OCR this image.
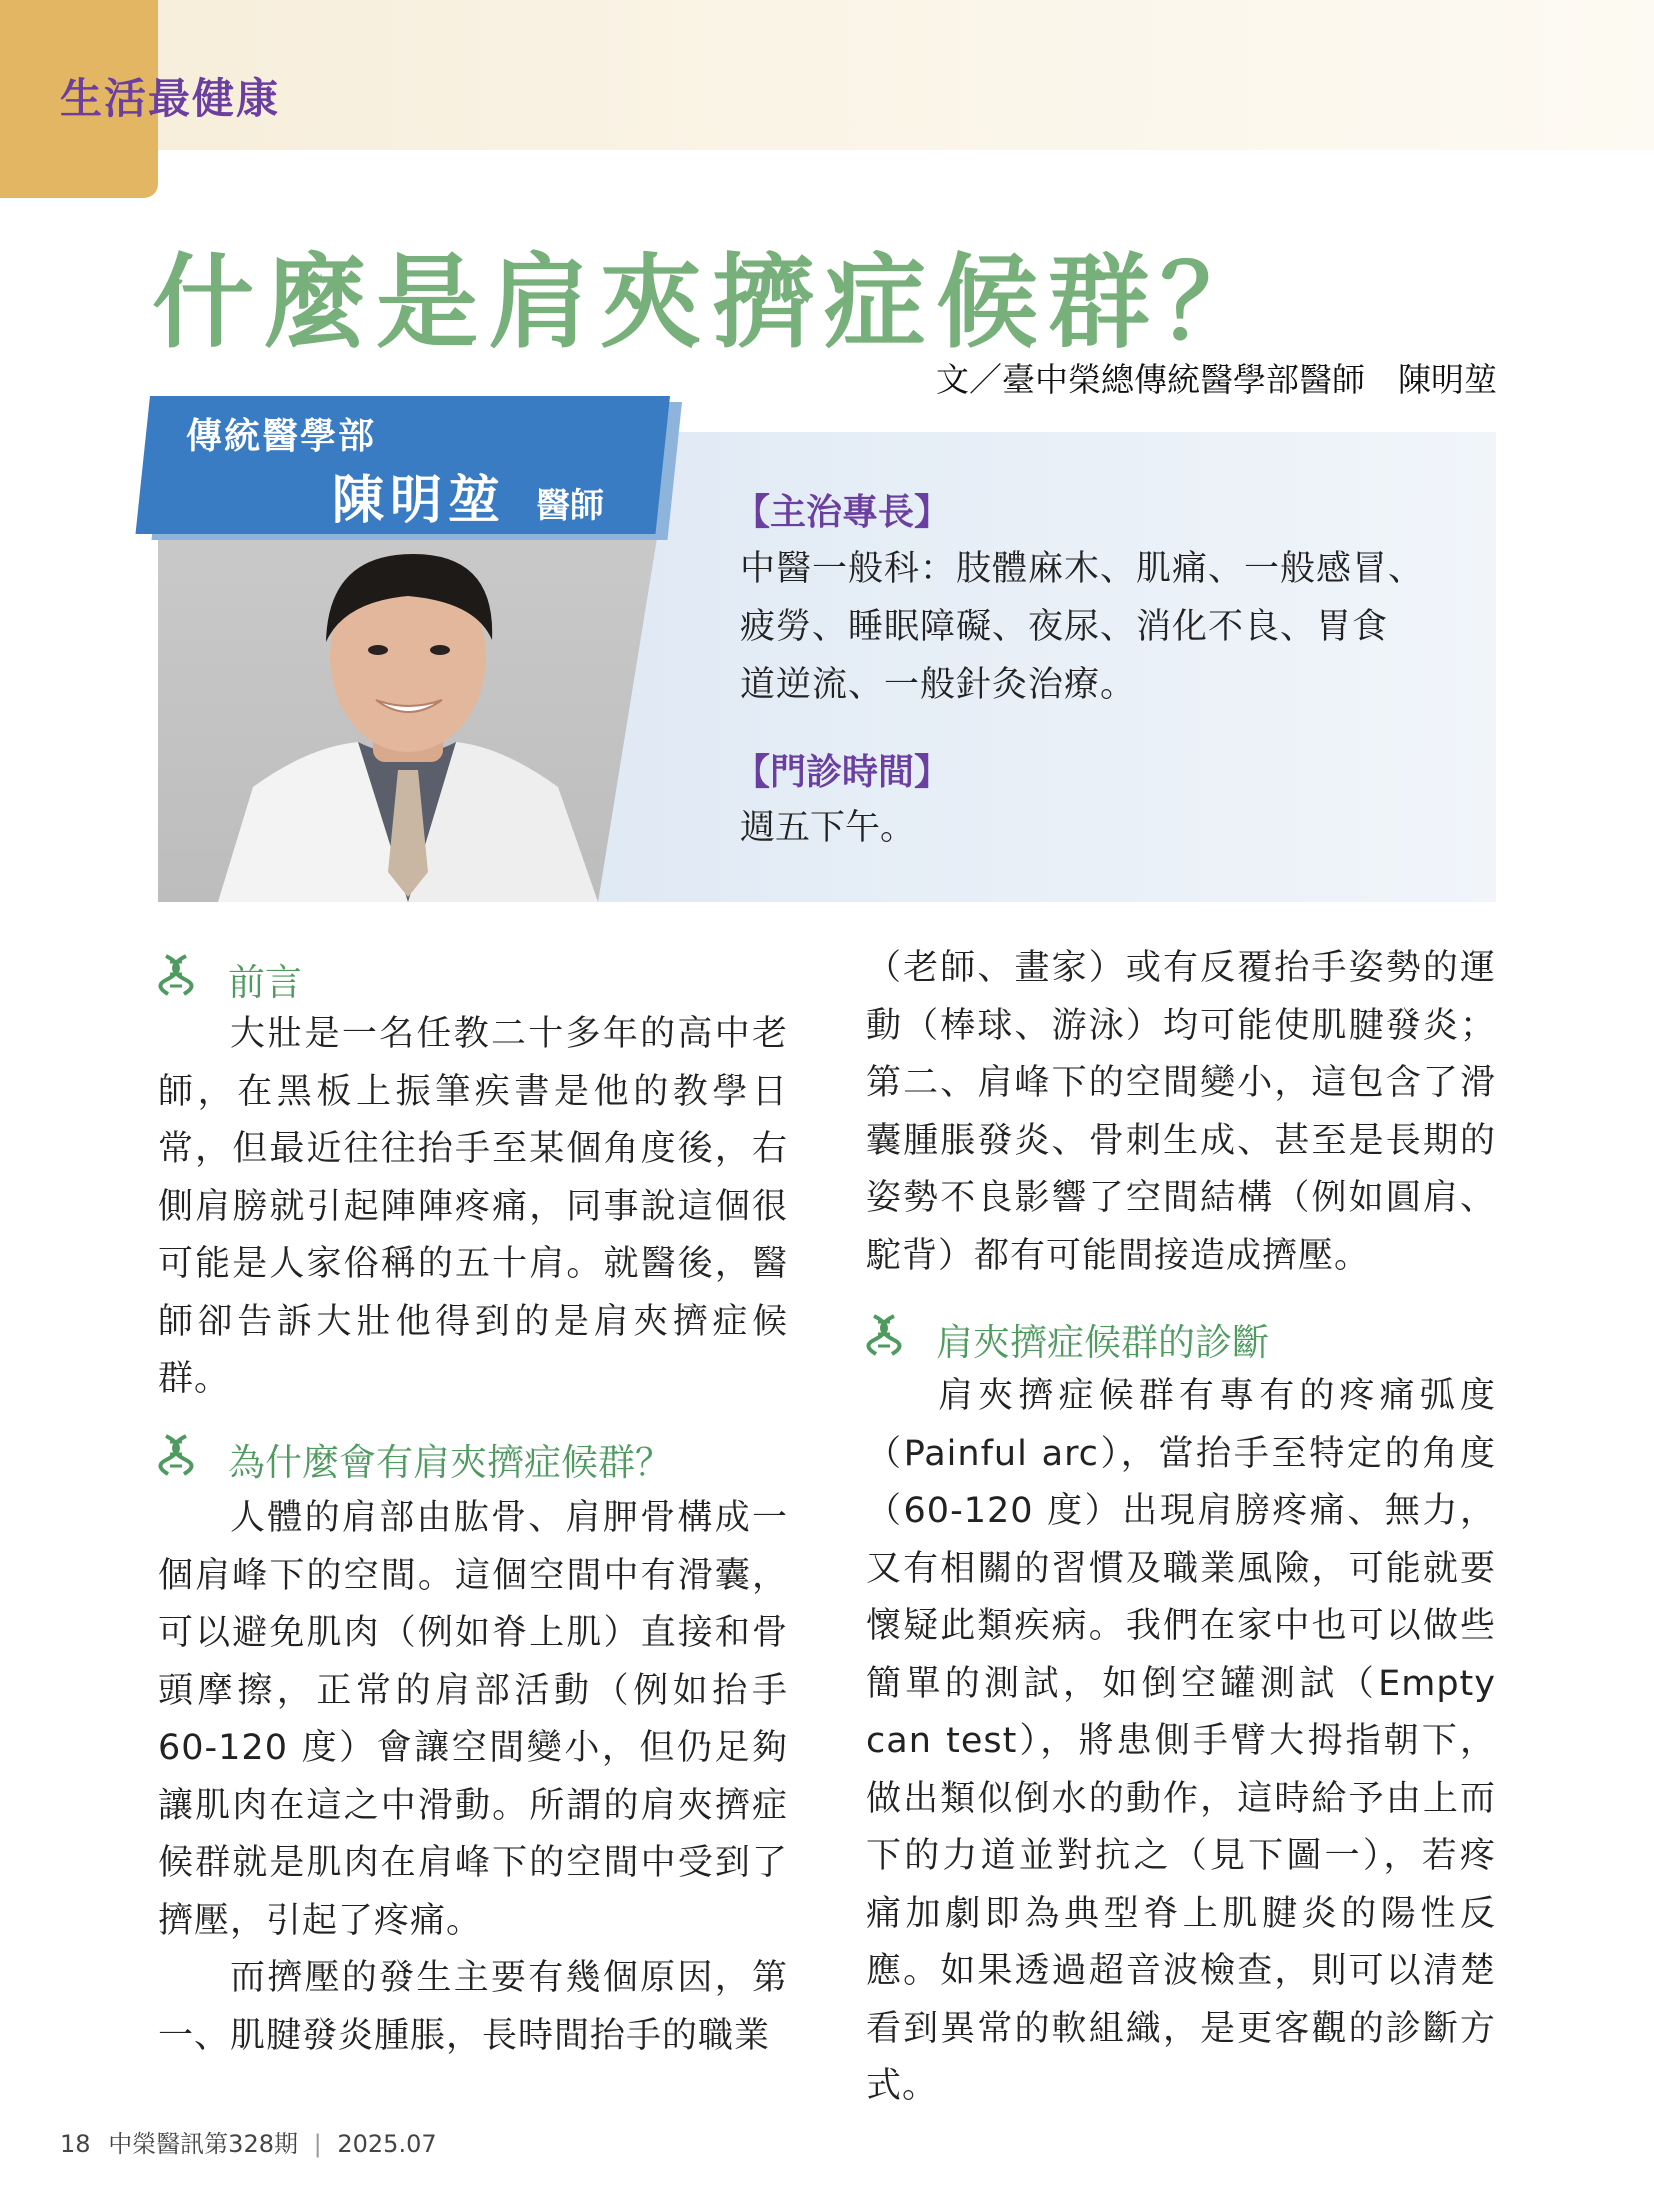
生活最健康
什麼是肩夾擠症候群？
文／臺中榮總傳統醫學部醫師　陳明堃
傳統醫學部
陳明堃 醫師	【主治專長】
中醫一般科：肢體麻木、肌痛、一般感冒、
疲勞、睡眠障礙、夜尿、消化不良、胃食
道逆流、一般針灸治療。
【門診時間】
週五下午。
前言
大壯是一名任教二十多年的高中老師，在黑板上振筆疾書是他的教學日常，但最近往往抬手至某個角度後，右側肩膀就引起陣陣疼痛，同事說這個很可能是人家俗稱的五十肩。就醫後，醫師卻告訴大壯他得到的是肩夾擠症候群。
為什麼會有肩夾擠症候群？
人體的肩部由肱骨、肩胛骨構成一個肩峰下的空間。這個空間中有滑囊，可以避免肌肉（例如脊上肌）直接和骨頭摩擦，正常的肩部活動（例如抬手60-120 度）會讓空間變小，但仍足夠讓肌肉在這之中滑動。所謂的肩夾擠症候群就是肌肉在肩峰下的空間中受到了擠壓，引起了疼痛。
而擠壓的發生主要有幾個原因，第一、肌腱發炎腫脹，長時間抬手的職業
（老師、畫家）或有反覆抬手姿勢的運動（棒球、游泳）均可能使肌腱發炎；第二、肩峰下的空間變小，這包含了滑囊腫脹發炎、骨刺生成、甚至是長期的姿勢不良影響了空間結構（例如圓肩、駝背）都有可能間接造成擠壓。
肩夾擠症候群的診斷
肩夾擠症候群有專有的疼痛弧度（Painful arc），當抬手至特定的角度（60-120 度）出現肩膀疼痛、無力，又有相關的習慣及職業風險，可能就要懷疑此類疾病。我們在家中也可以做些簡單的測試，如倒空罐測試（Empty can test），將患側手臂大拇指朝下，做出類似倒水的動作，這時給予由上而下的力道並對抗之（見下圖一），若疼痛加劇即為典型脊上肌腱炎的陽性反應。如果透過超音波檢查，則可以清楚看到異常的軟組織，是更客觀的診斷方式。
18 中榮醫訊第328期 | 2025.07
